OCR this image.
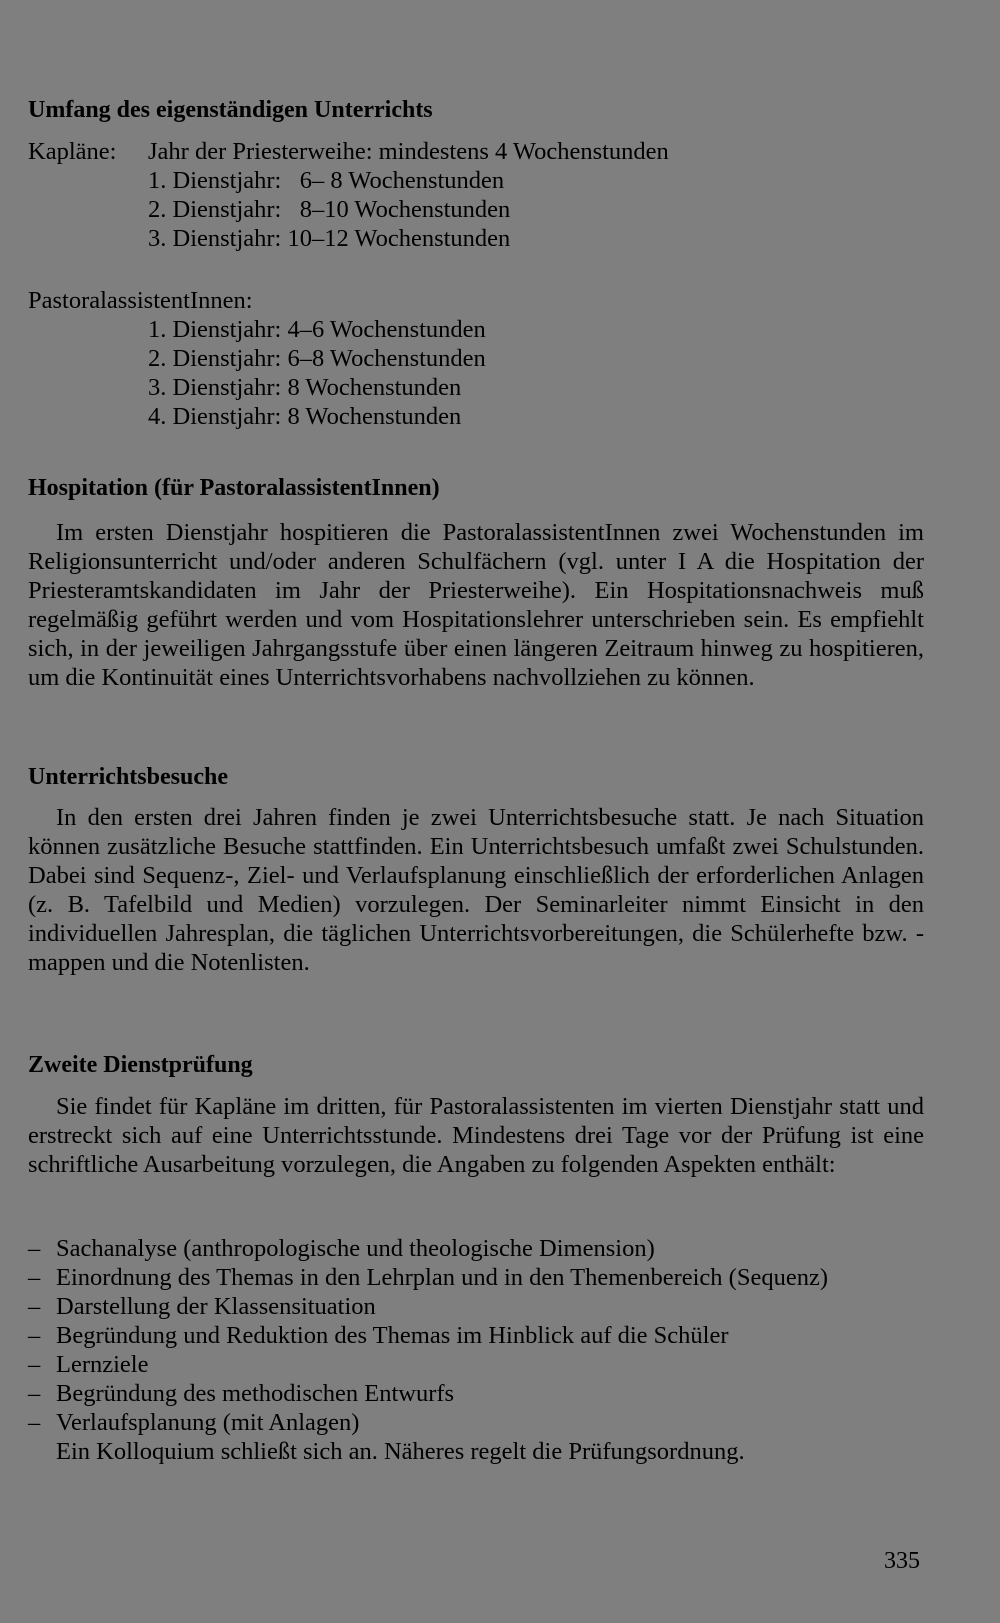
Umfang des eigenständigen Unterrichts
Kapläne: Jahr der Priesterweihe: mindestens 4 Wochenstunden
1. Dienstjahr:   6– 8 Wochenstunden
2. Dienstjahr:   8–10 Wochenstunden
3. Dienstjahr: 10–12 Wochenstunden
PastoralassistentInnen:
1. Dienstjahr: 4–6 Wochenstunden
2. Dienstjahr: 6–8 Wochenstunden
3. Dienstjahr: 8 Wochenstunden
4. Dienstjahr: 8 Wochenstunden
Hospitation (für PastoralassistentInnen)

Im ersten Dienstjahr hospitieren die PastoralassistentInnen zwei Wochenstunden im Religionsunterricht und/oder anderen Schulfächern (vgl. unter I A die Hospitation der Priesteramtskandidaten im Jahr der Priesterweihe). Ein Hospitationsnachweis muß regelmäßig geführt werden und vom Hospitationslehrer unterschrieben sein. Es empfiehlt sich, in der jeweiligen Jahrgangsstufe über einen längeren Zeitraum hinweg zu hospitieren, um die Kontinuität eines Unterrichtsvorhabens nachvollziehen zu können.

Unterrichtsbesuche

In den ersten drei Jahren finden je zwei Unterrichtsbesuche statt. Je nach Situation können zusätzliche Besuche stattfinden. Ein Unterrichtsbesuch umfaßt zwei Schulstunden. Dabei sind Sequenz-, Ziel- und Verlaufsplanung einschließlich der erforderlichen Anlagen (z. B. Tafelbild und Medien) vorzulegen. Der Seminarleiter nimmt Einsicht in den individuellen Jahresplan, die täglichen Unterrichtsvorbereitungen, die Schülerhefte bzw. -mappen und die Notenlisten.

Zweite Dienstprüfung

Sie findet für Kapläne im dritten, für Pastoralassistenten im vierten Dienstjahr statt und erstreckt sich auf eine Unterrichtsstunde. Mindestens drei Tage vor der Prüfung ist eine schriftliche Ausarbeitung vorzulegen, die Angaben zu folgenden Aspekten enthält:

– Sachanalyse (anthropologische und theologische Dimension)
– Einordnung des Themas in den Lehrplan und in den Themenbereich (Sequenz)
– Darstellung der Klassensituation
– Begründung und Reduktion des Themas im Hinblick auf die Schüler
– Lernziele
– Begründung des methodischen Entwurfs
– Verlaufsplanung (mit Anlagen)
Ein Kolloquium schließt sich an. Näheres regelt die Prüfungsordnung.
335
